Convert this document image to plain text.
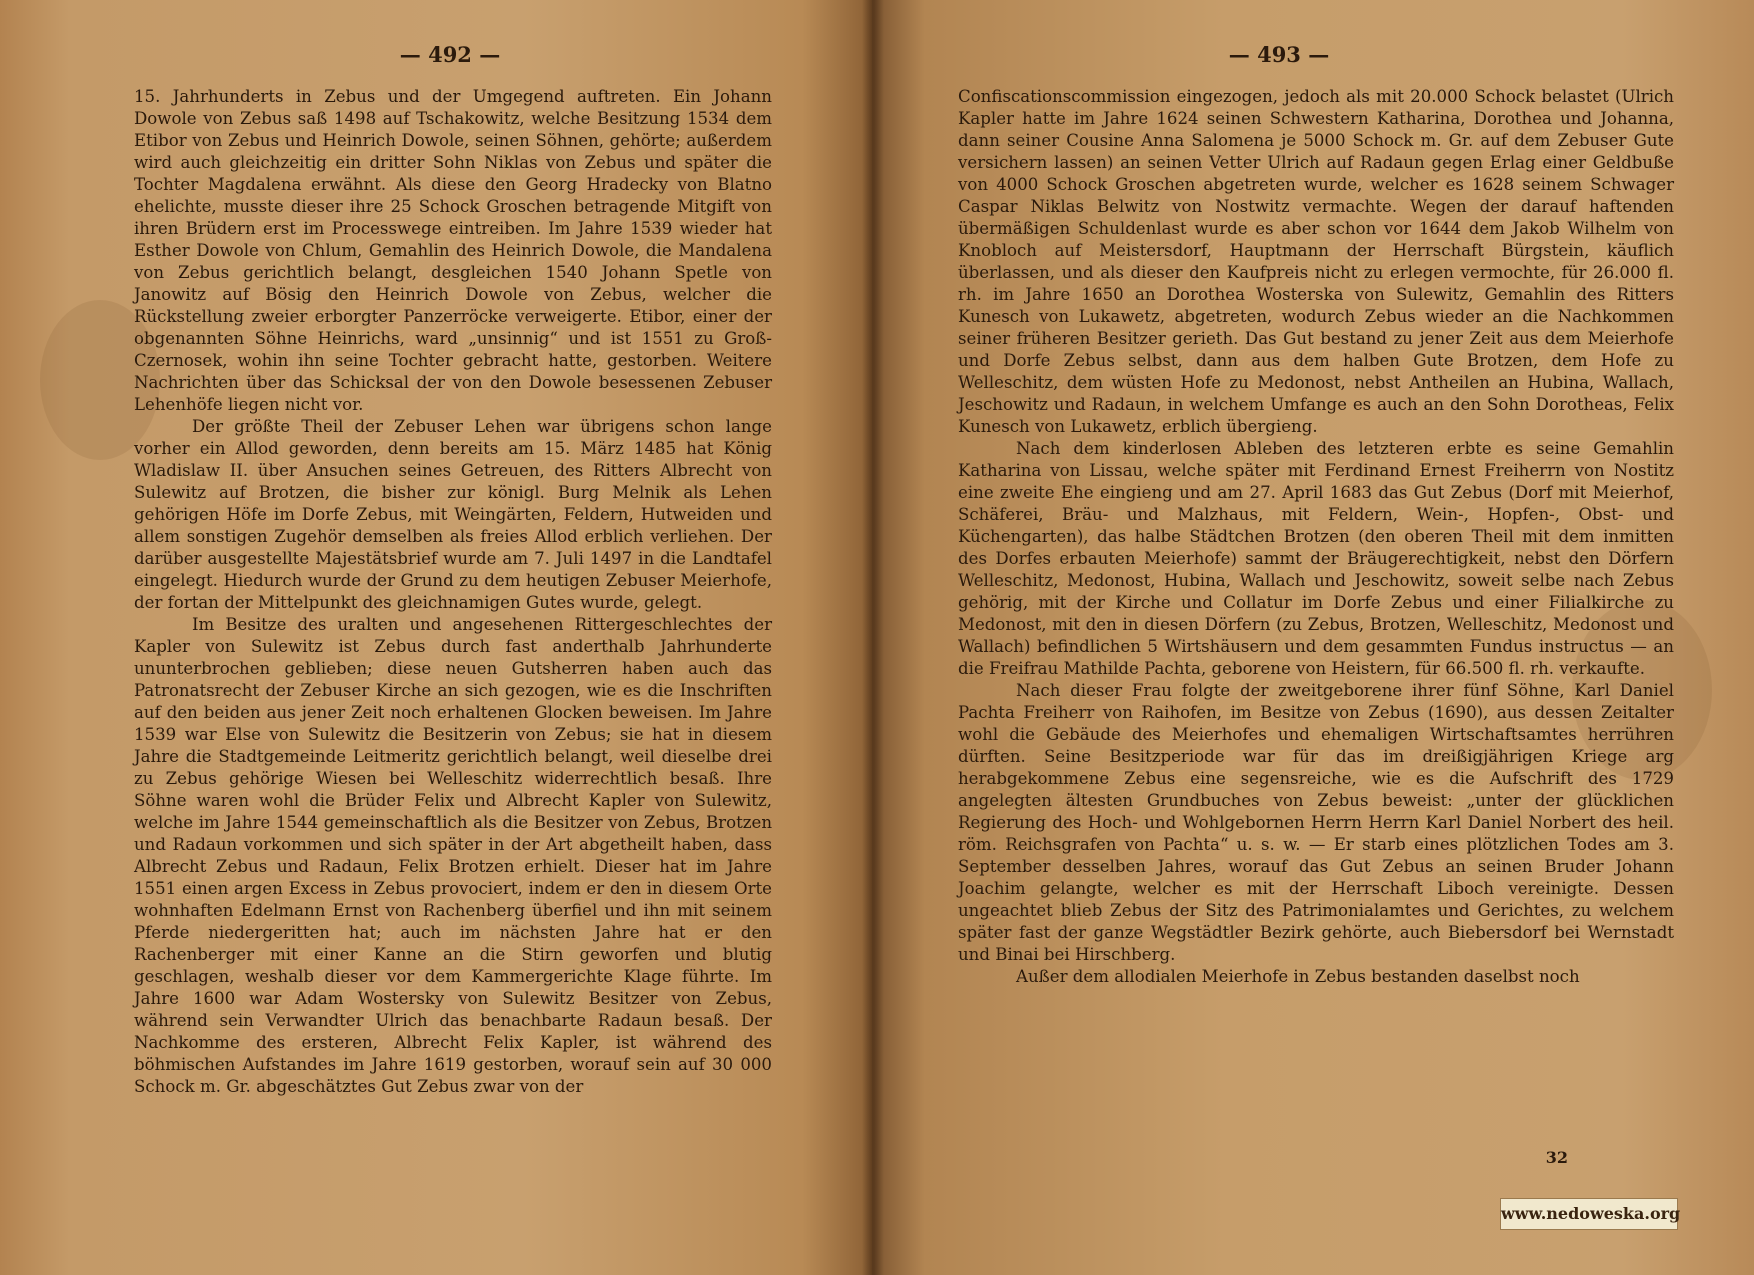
— 492 —

15. Jahrhunderts in Zebus und der Umgegend auftreten. Ein Johann Dowole von Zebus saß 1498 auf Tschakowitz, welche Besitzung 1534 dem Etibor von Zebus und Heinrich Dowole, seinen Söhnen, gehörte; außerdem wird auch gleichzeitig ein dritter Sohn Niklas von Zebus und später die Tochter Magdalena erwähnt. Als diese den Georg Hradecky von Blatno ehelichte, musste dieser ihre 25 Schock Groschen betragende Mitgift von ihren Brüdern erst im Processwege eintreiben. Im Jahre 1539 wieder hat Esther Dowole von Chlum, Gemahlin des Heinrich Dowole, die Mandalena von Zebus gerichtlich belangt, desgleichen 1540 Johann Spetle von Janowitz auf Bösig den Heinrich Dowole von Zebus, welcher die Rückstellung zweier erborgter Panzerröcke verweigerte. Etibor, einer der obgenannten Söhne Heinrichs, ward „unsinnig“ und ist 1551 zu Groß-Czernosek, wohin ihn seine Tochter gebracht hatte, gestorben. Weitere Nachrichten über das Schicksal der von den Dowole besessenen Zebuser Lehenhöfe liegen nicht vor.

Der größte Theil der Zebuser Lehen war übrigens schon lange vorher ein Allod geworden, denn bereits am 15. März 1485 hat König Wladislaw II. über Ansuchen seines Getreuen, des Ritters Albrecht von Sulewitz auf Brotzen, die bisher zur königl. Burg Melnik als Lehen gehörigen Höfe im Dorfe Zebus, mit Weingärten, Feldern, Hutweiden und allem sonstigen Zugehör demselben als freies Allod erblich verliehen. Der darüber ausgestellte Majestätsbrief wurde am 7. Juli 1497 in die Landtafel eingelegt. Hiedurch wurde der Grund zu dem heutigen Zebuser Meierhofe, der fortan der Mittelpunkt des gleichnamigen Gutes wurde, gelegt.

Im Besitze des uralten und angesehenen Rittergeschlechtes der Kapler von Sulewitz ist Zebus durch fast anderthalb Jahrhunderte ununterbrochen geblieben; diese neuen Gutsherren haben auch das Patronatsrecht der Zebuser Kirche an sich gezogen, wie es die Inschriften auf den beiden aus jener Zeit noch erhaltenen Glocken beweisen. Im Jahre 1539 war Else von Sulewitz die Besitzerin von Zebus; sie hat in diesem Jahre die Stadtgemeinde Leitmeritz gerichtlich belangt, weil dieselbe drei zu Zebus gehörige Wiesen bei Welleschitz widerrechtlich besaß. Ihre Söhne waren wohl die Brüder Felix und Albrecht Kapler von Sulewitz, welche im Jahre 1544 gemeinschaftlich als die Besitzer von Zebus, Brotzen und Radaun vorkommen und sich später in der Art abgetheilt haben, dass Albrecht Zebus und Radaun, Felix Brotzen erhielt. Dieser hat im Jahre 1551 einen argen Excess in Zebus provociert, indem er den in diesem Orte wohnhaften Edelmann Ernst von Rachenberg überfiel und ihn mit seinem Pferde niedergeritten hat; auch im nächsten Jahre hat er den Rachenberger mit einer Kanne an die Stirn geworfen und blutig geschlagen, weshalb dieser vor dem Kammergerichte Klage führte. Im Jahre 1600 war Adam Wostersky von Sulewitz Besitzer von Zebus, während sein Verwandter Ulrich das benachbarte Radaun besaß. Der Nachkomme des ersteren, Albrecht Felix Kapler, ist während des böhmischen Aufstandes im Jahre 1619 gestorben, worauf sein auf 30 000 Schock m. Gr. abgeschätztes Gut Zebus zwar von der

— 493 —

Confiscationscommission eingezogen, jedoch als mit 20.000 Schock belastet (Ulrich Kapler hatte im Jahre 1624 seinen Schwestern Katharina, Dorothea und Johanna, dann seiner Cousine Anna Salomena je 5000 Schock m. Gr. auf dem Zebuser Gute versichern lassen) an seinen Vetter Ulrich auf Radaun gegen Erlag einer Geldbuße von 4000 Schock Groschen abgetreten wurde, welcher es 1628 seinem Schwager Caspar Niklas Belwitz von Nostwitz vermachte. Wegen der darauf haftenden übermäßigen Schuldenlast wurde es aber schon vor 1644 dem Jakob Wilhelm von Knobloch auf Meistersdorf, Hauptmann der Herrschaft Bürgstein, käuflich überlassen, und als dieser den Kaufpreis nicht zu erlegen vermochte, für 26.000 fl. rh. im Jahre 1650 an Dorothea Wosterska von Sulewitz, Gemahlin des Ritters Kunesch von Lukawetz, abgetreten, wodurch Zebus wieder an die Nachkommen seiner früheren Besitzer gerieth. Das Gut bestand zu jener Zeit aus dem Meierhofe und Dorfe Zebus selbst, dann aus dem halben Gute Brotzen, dem Hofe zu Welleschitz, dem wüsten Hofe zu Medonost, nebst Antheilen an Hubina, Wallach, Jeschowitz und Radaun, in welchem Umfange es auch an den Sohn Dorotheas, Felix Kunesch von Lukawetz, erblich übergieng.

Nach dem kinderlosen Ableben des letzteren erbte es seine Gemahlin Katharina von Lissau, welche später mit Ferdinand Ernest Freiherrn von Nostitz eine zweite Ehe eingieng und am 27. April 1683 das Gut Zebus (Dorf mit Meierhof, Schäferei, Bräu- und Malzhaus, mit Feldern, Wein-, Hopfen-, Obst- und Küchengarten), das halbe Städtchen Brotzen (den oberen Theil mit dem inmitten des Dorfes erbauten Meierhofe) sammt der Bräugerechtigkeit, nebst den Dörfern Welleschitz, Medonost, Hubina, Wallach und Jeschowitz, soweit selbe nach Zebus gehörig, mit der Kirche und Collatur im Dorfe Zebus und einer Filialkirche zu Medonost, mit den in diesen Dörfern (zu Zebus, Brotzen, Welleschitz, Medonost und Wallach) befindlichen 5 Wirtshäusern und dem gesammten Fundus instructus — an die Freifrau Mathilde Pachta, geborene von Heistern, für 66.500 fl. rh. verkaufte.

Nach dieser Frau folgte der zweitgeborene ihrer fünf Söhne, Karl Daniel Pachta Freiherr von Raihofen, im Besitze von Zebus (1690), aus dessen Zeitalter wohl die Gebäude des Meierhofes und ehemaligen Wirtschaftsamtes herrühren dürften. Seine Besitzperiode war für das im dreißigjährigen Kriege arg herabgekommene Zebus eine segensreiche, wie es die Aufschrift des 1729 angelegten ältesten Grundbuches von Zebus beweist: „unter der glücklichen Regierung des Hoch- und Wohlgebornen Herrn Herrn Karl Daniel Norbert des heil. röm. Reichsgrafen von Pachta“ u. s. w. — Er starb eines plötzlichen Todes am 3. September desselben Jahres, worauf das Gut Zebus an seinen Bruder Johann Joachim gelangte, welcher es mit der Herrschaft Liboch vereinigte. Dessen ungeachtet blieb Zebus der Sitz des Patrimonialamtes und Gerichtes, zu welchem später fast der ganze Wegstädtler Bezirk gehörte, auch Biebersdorf bei Wernstadt und Binai bei Hirschberg.

Außer dem allodialen Meierhofe in Zebus bestanden daselbst noch

32
www.nedoweska.org
